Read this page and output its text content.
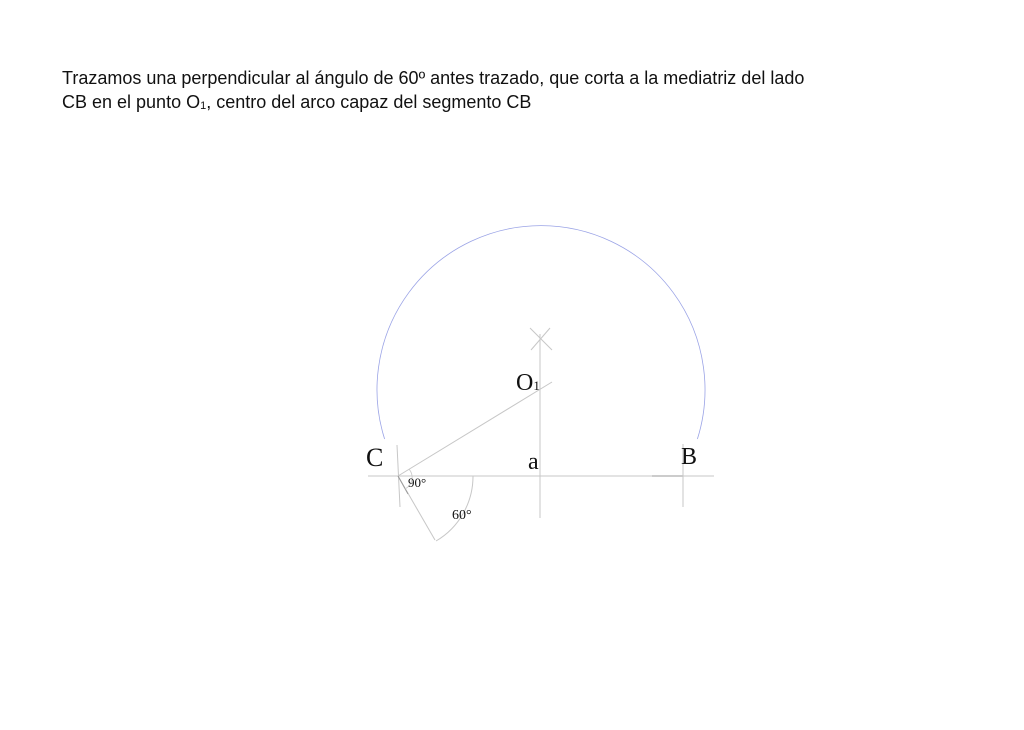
Trazamos una perpendicular al ángulo de 60º antes trazado, que corta a la mediatriz del lado
CB en el punto $O_1$, centro del arco capaz del segmento CB
O1
C	B
a
90°
60°
